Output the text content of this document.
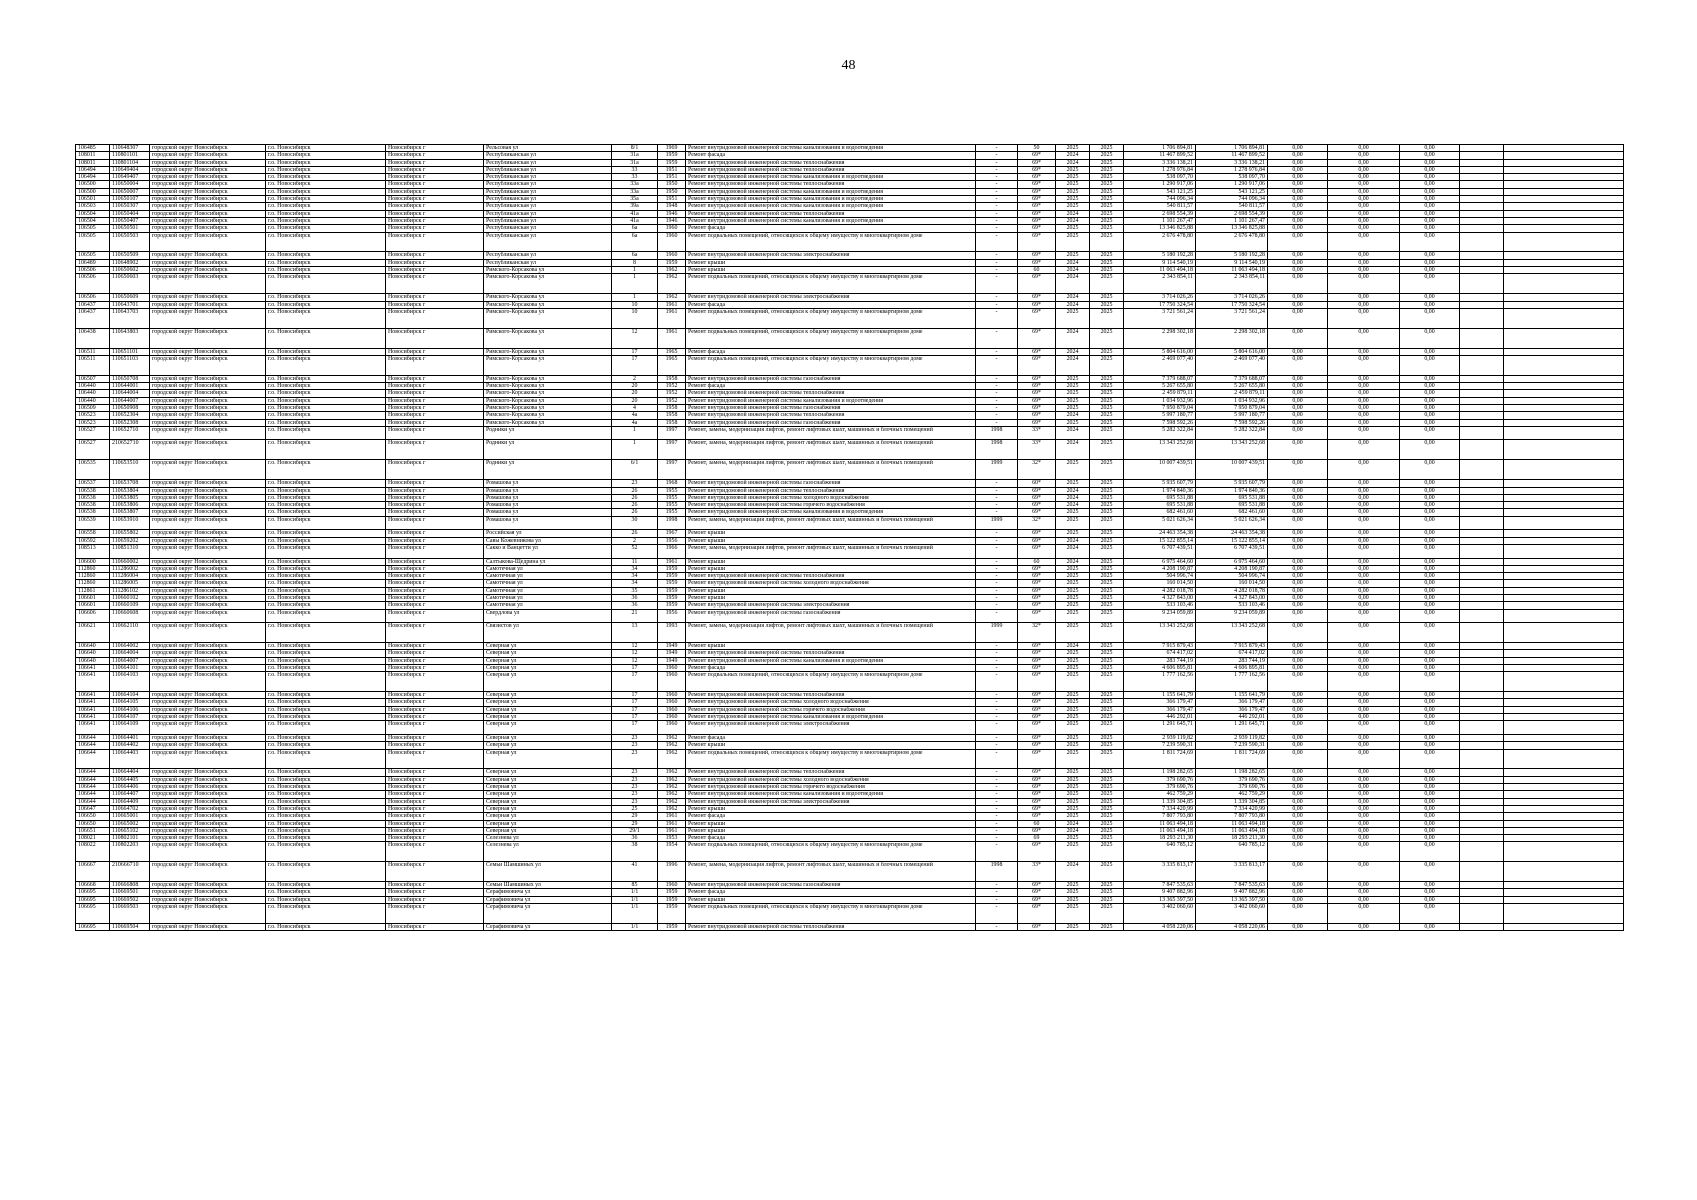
48
106485	110648307	городской округ Новосибирск	г.о. Новосибирск	Новосибирск г	Рельсовая ул	8/1	1969	Ремонт внутридомовой инженерной системы канализования и водоотведения	-	50	2025	2025	1 706 894,81	1 706 894,81	0,00	0,00	0,00		
108011	110801101	городской округ Новосибирск	г.о. Новосибирск	Новосибирск г	Республиканская ул	31а	1959	Ремонт фасада	-	69*	2024	2025	11 467 899,52	11 467 899,52	0,00	0,00	0,00		
108011	110801104	городской округ Новосибирск	г.о. Новосибирск	Новосибирск г	Республиканская ул	31а	1959	Ремонт внутридомовой инженерной системы теплоснабжения	-	69*	2024	2025	3 336 138,21	3 336 138,21	0,00	0,00	0,00		
106494	110649404	городской округ Новосибирск	г.о. Новосибирск	Новосибирск г	Республиканская ул	33	1951	Ремонт внутридомовой инженерной системы теплоснабжения	-	69*	2025	2025	1 278 976,84	1 278 976,84	0,00	0,00	0,00		
106494	110649407	городской округ Новосибирск	г.о. Новосибирск	Новосибирск г	Республиканская ул	33	1951	Ремонт внутридомовой инженерной системы канализования и водоотведения	-	69*	2025	2025	538 097,70	538 097,70	0,00	0,00	0,00		
106500	110650004	городской округ Новосибирск	г.о. Новосибирск	Новосибирск г	Республиканская ул	33а	1950	Ремонт внутридомовой инженерной системы теплоснабжения	-	69*	2025	2025	1 290 917,06	1 290 917,06	0,00	0,00	0,00		
106500	110650007	городской округ Новосибирск	г.о. Новосибирск	Новосибирск г	Республиканская ул	33а	1950	Ремонт внутридомовой инженерной системы канализования и водоотведения	-	69*	2025	2025	543 121,25	543 121,25	0,00	0,00	0,00		
106501	110650107	городской округ Новосибирск	г.о. Новосибирск	Новосибирск г	Республиканская ул	35а	1951	Ремонт внутридомовой инженерной системы канализования и водоотведения	-	69*	2025	2025	744 096,34	744 096,34	0,00	0,00	0,00		
106503	110650307	городской округ Новосибирск	г.о. Новосибирск	Новосибирск г	Республиканская ул	39а	1948	Ремонт внутридомовой инженерной системы канализования и водоотведения	-	69*	2025	2025	540 811,57	540 811,57	0,00	0,00	0,00		
106504	110650404	городской округ Новосибирск	г.о. Новосибирск	Новосибирск г	Республиканская ул	41а	1946	Ремонт внутридомовой инженерной системы теплоснабжения	-	69*	2024	2025	2 698 554,39	2 698 554,39	0,00	0,00	0,00		
106504	110650407	городской округ Новосибирск	г.о. Новосибирск	Новосибирск г	Республиканская ул	41а	1946	Ремонт внутридомовой инженерной системы канализования и водоотведения	-	69*	2024	2025	1 101 267,47	1 101 267,47	0,00	0,00	0,00		
106505	110650501	городской округ Новосибирск	г.о. Новосибирск	Новосибирск г	Республиканская ул	6а	1960	Ремонт фасада	-	69*	2025	2025	13 346 825,88	13 346 825,88	0,00	0,00	0,00		
106505	110650503	городской округ Новосибирск	г.о. Новосибирск	Новосибирск г	Республиканская ул	6а	1960	Ремонт подвальных помещений, относящихся к общему имуществу в многоквартирном доме	-	69*	2025	2025	2 676 478,80	2 676 478,80	0,00	0,00	0,00		
106505	110650509	городской округ Новосибирск	г.о. Новосибирск	Новосибирск г	Республиканская ул	6а	1960	Ремонт внутридомовой инженерной системы электроснабжения	-	69*	2025	2025	5 180 192,28	5 180 192,28	0,00	0,00	0,00		
106489	110648902	городской округ Новосибирск	г.о. Новосибирск	Новосибирск г	Республиканская ул	8	1959	Ремонт крыши	-	69*	2024	2025	9 114 540,19	9 114 540,19	0,00	0,00	0,00		
106506	110650602	городской округ Новосибирск	г.о. Новосибирск	Новосибирск г	Римского-Корсакова ул	1	1962	Ремонт крыши	-	60	2024	2025	11 063 494,18	11 063 494,18	0,00	0,00	0,00		
106506	110650603	городской округ Новосибирск	г.о. Новосибирск	Новосибирск г	Римского-Корсакова ул	1	1962	Ремонт подвальных помещений, относящихся к общему имуществу в многоквартирном доме	-	69*	2024	2025	2 343 854,11	2 343 854,11	0,00	0,00	0,00		
106506	110650609	городской округ Новосибирск	г.о. Новосибирск	Новосибирск г	Римского-Корсакова ул	1	1962	Ремонт внутридомовой инженерной системы электроснабжения	-	69*	2024	2025	3 714 026,26	3 714 026,26	0,00	0,00	0,00		
106437	110643701	городской округ Новосибирск	г.о. Новосибирск	Новосибирск г	Римского-Корсакова ул	10	1961	Ремонт фасада	-	69*	2024	2025	17 750 324,54	17 750 324,54	0,00	0,00	0,00		
106437	110643703	городской округ Новосибирск	г.о. Новосибирск	Новосибирск г	Римского-Корсакова ул	10	1961	Ремонт подвальных помещений, относящихся к общему имуществу в многоквартирном доме	-	69*	2025	2025	3 721 561,24	3 721 561,24	0,00	0,00	0,00		
106438	110643803	городской округ Новосибирск	г.о. Новосибирск	Новосибирск г	Римского-Корсакова ул	12	1961	Ремонт подвальных помещений, относящихся к общему имуществу в многоквартирном доме	-	69*	2024	2025	2 298 302,18	2 298 302,18	0,00	0,00	0,00		
106511	110651101	городской округ Новосибирск	г.о. Новосибирск	Новосибирск г	Римского-Корсакова ул	17	1965	Ремонт фасада	-	69*	2024	2025	5 804 616,00	5 804 616,00	0,00	0,00	0,00		
106511	110651103	городской округ Новосибирск	г.о. Новосибирск	Новосибирск г	Римского-Корсакова ул	17	1965	Ремонт подвальных помещений, относящихся к общему имуществу в многоквартирном доме	-	69*	2024	2025	2 469 077,40	2 469 077,40	0,00	0,00	0,00		
106507	110650708	городской округ Новосибирск	г.о. Новосибирск	Новосибирск г	Римского-Корсакова ул	2	1958	Ремонт внутридомовой инженерной системы газоснабжения	-	69*	2025	2025	7 379 688,07	7 379 688,07	0,00	0,00	0,00		
106440	110644001	городской округ Новосибирск	г.о. Новосибирск	Новосибирск г	Римского-Корсакова ул	20	1952	Ремонт фасада	-	69*	2025	2025	5 267 655,80	5 267 655,80	0,00	0,00	0,00		
106440	110644004	городской округ Новосибирск	г.о. Новосибирск	Новосибирск г	Римского-Корсакова ул	20	1952	Ремонт внутридомовой инженерной системы теплоснабжения	-	69*	2025	2025	2 459 879,11	2 459 879,11	0,00	0,00	0,00		
106440	110644007	городской округ Новосибирск	г.о. Новосибирск	Новосибирск г	Римского-Корсакова ул	20	1952	Ремонт внутридомовой инженерной системы канализования и водоотведения	-	69*	2025	2025	1 034 932,96	1 034 932,96	0,00	0,00	0,00		
106509	110650908	городской округ Новосибирск	г.о. Новосибирск	Новосибирск г	Римского-Корсакова ул	4	1958	Ремонт внутридомовой инженерной системы газоснабжения	-	69*	2025	2025	7 950 879,04	7 950 879,04	0,00	0,00	0,00		
106523	110652304	городской округ Новосибирск	г.о. Новосибирск	Новосибирск г	Римского-Корсакова ул	4а	1958	Ремонт внутридомовой инженерной системы теплоснабжения	-	69*	2024	2025	5 997 180,77	5 997 180,77	0,00	0,00	0,00		
106523	110652308	городской округ Новосибирск	г.о. Новосибирск	Новосибирск г	Римского-Корсакова ул	4а	1958	Ремонт внутридомовой инженерной системы газоснабжения	-	69*	2025	2025	7 598 592,26	7 598 592,26	0,00	0,00	0,00		
106527	110652710	городской округ Новосибирск	г.о. Новосибирск	Новосибирск г	Родники ул	1	1997	Ремонт, замена, модернизация лифтов, ремонт лифтовых шахт, машинных и блочных помещений	1998	33*	2024	2025	5 282 322,84	5 282 322,84	0,00	0,00	0,00		
106527	210652710	городской округ Новосибирск	г.о. Новосибирск	Новосибирск г	Родники ул	1	1997	Ремонт, замена, модернизация лифтов, ремонт лифтовых шахт, машинных и блочных помещений	1998	33*	2024	2025	13 343 252,68	13 343 252,68	0,00	0,00	0,00		
106535	110653510	городской округ Новосибирск	г.о. Новосибирск	Новосибирск г	Родники ул	6/1	1997	Ремонт, замена, модернизация лифтов, ремонт лифтовых шахт, машинных и блочных помещений	1999	32*	2025	2025	10 007 439,51	10 007 439,51	0,00	0,00	0,00		
106537	110653708	городской округ Новосибирск	г.о. Новосибирск	Новосибирск г	Ромашова ул	23	1968	Ремонт внутридомовой инженерной системы газоснабжения	-	60*	2025	2025	5 935 607,79	5 935 607,79	0,00	0,00	0,00		
106538	110653804	городской округ Новосибирск	г.о. Новосибирск	Новосибирск г	Ромашова ул	26	1955	Ремонт внутридомовой инженерной системы теплоснабжения	-	69*	2024	2025	1 974 840,36	1 974 840,36	0,00	0,00	0,00		
106538	110653805	городской округ Новосибирск	г.о. Новосибирск	Новосибирск г	Ромашова ул	26	1955	Ремонт внутридомовой инженерной системы холодного водоснабжения	-	69*	2024	2025	695 531,88	695 531,88	0,00	0,00	0,00		
106538	110653806	городской округ Новосибирск	г.о. Новосибирск	Новосибирск г	Ромашова ул	26	1955	Ремонт внутридомовой инженерной системы горячего водоснабжения	-	69*	2024	2025	695 531,88	695 531,88	0,00	0,00	0,00		
106538	110653807	городской округ Новосибирск	г.о. Новосибирск	Новосибирск г	Ромашова ул	26	1955	Ремонт внутридомовой инженерной системы канализования и водоотведения	-	69*	2025	2025	682 461,60	682 461,60	0,00	0,00	0,00		
106539	110653910	городской округ Новосибирск	г.о. Новосибирск	Новосибирск г	Ромашова ул	30	1998	Ремонт, замена, модернизация лифтов, ремонт лифтовых шахт, машинных и блочных помещений	1999	32*	2025	2025	5 021 626,34	5 021 626,34	0,00	0,00	0,00		
106558	110655802	городской округ Новосибирск	г.о. Новосибирск	Новосибирск г	Российская ул	26	1967	Ремонт крыши	-	69*	2025	2025	24 463 354,38	24 463 354,38	0,00	0,00	0,00		
106592	110659202	городской округ Новосибирск	г.о. Новосибирск	Новосибирск г	Савы Кожевникова ул	2	1956	Ремонт крыши	-	69*	2024	2025	15 122 855,14	15 122 855,14	0,00	0,00	0,00		
108513	110851310	городской округ Новосибирск	г.о. Новосибирск	Новосибирск г	Сакко и Ванцетти ул	52	1966	Ремонт, замена, модернизация лифтов, ремонт лифтовых шахт, машинных и блочных помещений	-	69*	2024	2025	6 707 439,51	6 707 439,51	0,00	0,00	0,00		
106600	110660002	городской округ Новосибирск	г.о. Новосибирск	Новосибирск г	Салтыкова-Щедрина ул	11	1961	Ремонт крыши	-	60	2024	2025	6 975 464,60	6 975 464,60	0,00	0,00	0,00		
112860	111286002	городской округ Новосибирск	г.о. Новосибирск	Новосибирск г	Самотечная ул	34	1959	Ремонт крыши	-	69*	2025	2025	4 208 190,87	4 208 190,87	0,00	0,00	0,00		
112860	111286004	городской округ Новосибирск	г.о. Новосибирск	Новосибирск г	Самотечная ул	34	1959	Ремонт внутридомовой инженерной системы теплоснабжения	-	69*	2025	2025	504 996,74	504 996,74	0,00	0,00	0,00		
112860	111286005	городской округ Новосибирск	г.о. Новосибирск	Новосибирск г	Самотечная ул	34	1959	Ремонт внутридомовой инженерной системы холодного водоснабжения	-	69*	2025	2025	160 014,50	160 014,50	0,00	0,00	0,00		
112861	111286102	городской округ Новосибирск	г.о. Новосибирск	Новосибирск г	Самотечная ул	35	1959	Ремонт крыши	-	69*	2025	2025	4 282 018,78	4 282 018,78	0,00	0,00	0,00		
106601	110660102	городской округ Новосибирск	г.о. Новосибирск	Новосибирск г	Самотечная ул	36	1959	Ремонт крыши	-	69*	2025	2025	4 327 843,00	4 327 843,00	0,00	0,00	0,00		
106601	110660109	городской округ Новосибирск	г.о. Новосибирск	Новосибирск г	Самотечная ул	36	1959	Ремонт внутридомовой инженерной системы электроснабжения	-	69*	2025	2025	533 103,46	533 103,46	0,00	0,00	0,00		
106606	110660608	городской округ Новосибирск	г.о. Новосибирск	Новосибирск г	Свердлова ул	21	1956	Ремонт внутридомовой инженерной системы газоснабжения	-	69*	2025	2025	9 234 059,89	9 234 059,89	0,00	0,00	0,00		
106621	110662110	городской округ Новосибирск	г.о. Новосибирск	Новосибирск г	Связистов ул	13	1993	Ремонт, замена, модернизация лифтов, ремонт лифтовых шахт, машинных и блочных помещений	1999	32*	2025	2025	13 343 252,68	13 343 252,68	0,00	0,00	0,00		
106640	110664002	городской округ Новосибирск	г.о. Новосибирск	Новосибирск г	Северная ул	12	1949	Ремонт крыши	-	69*	2024	2025	7 915 879,43	7 915 879,43	0,00	0,00	0,00		
106640	110664004	городской округ Новосибирск	г.о. Новосибирск	Новосибирск г	Северная ул	12	1949	Ремонт внутридомовой инженерной системы теплоснабжения	-	69*	2025	2025	674 417,02	674 417,02	0,00	0,00	0,00		
106640	110664007	городской округ Новосибирск	г.о. Новосибирск	Новосибирск г	Северная ул	12	1949	Ремонт внутридомовой инженерной системы канализования и водоотведения	-	69*	2025	2025	283 744,19	283 744,19	0,00	0,00	0,00		
106641	110664101	городской округ Новосибирск	г.о. Новосибирск	Новосибирск г	Северная ул	17	1960	Ремонт фасада	-	69*	2025	2025	4 606 895,81	4 606 895,81	0,00	0,00	0,00		
106641	110664103	городской округ Новосибирск	г.о. Новосибирск	Новосибирск г	Северная ул	17	1960	Ремонт подвальных помещений, относящихся к общему имуществу в многоквартирном доме	-	69*	2025	2025	1 777 162,56	1 777 162,56	0,00	0,00	0,00		
106641	110664104	городской округ Новосибирск	г.о. Новосибирск	Новосибирск г	Северная ул	17	1960	Ремонт внутридомовой инженерной системы теплоснабжения	-	69*	2025	2025	1 155 641,79	1 155 641,79	0,00	0,00	0,00		
106641	110664105	городской округ Новосибирск	г.о. Новосибирск	Новосибирск г	Северная ул	17	1960	Ремонт внутридомовой инженерной системы холодного водоснабжения	-	69*	2025	2025	366 179,47	366 179,47	0,00	0,00	0,00		
106641	110664106	городской округ Новосибирск	г.о. Новосибирск	Новосибирск г	Северная ул	17	1960	Ремонт внутридомовой инженерной системы горячего водоснабжения	-	69*	2025	2025	366 179,47	366 179,47	0,00	0,00	0,00		
106641	110664107	городской округ Новосибирск	г.о. Новосибирск	Новосибирск г	Северная ул	17	1960	Ремонт внутридомовой инженерной системы канализования и водоотведения	-	69*	2025	2025	446 292,01	446 292,01	0,00	0,00	0,00		
106641	110664109	городской округ Новосибирск	г.о. Новосибирск	Новосибирск г	Северная ул	17	1960	Ремонт внутридомовой инженерной системы электроснабжения	-	69*	2025	2025	1 291 645,71	1 291 645,71	0,00	0,00	0,00		
106644	110664401	городской округ Новосибирск	г.о. Новосибирск	Новосибирск г	Северная ул	23	1962	Ремонт фасада	-	69*	2025	2025	2 939 119,82	2 939 119,82	0,00	0,00	0,00		
106644	110664402	городской округ Новосибирск	г.о. Новосибирск	Новосибирск г	Северная ул	23	1962	Ремонт крыши	-	69*	2025	2025	7 239 590,31	7 239 590,31	0,00	0,00	0,00		
106644	110664403	городской округ Новосибирск	г.о. Новосибирск	Новосибирск г	Северная ул	23	1962	Ремонт подвальных помещений, относящихся к общему имуществу в многоквартирном доме	-	69*	2025	2025	1 811 724,69	1 811 724,69	0,00	0,00	0,00		
106644	110664404	городской округ Новосибирск	г.о. Новосибирск	Новосибирск г	Северная ул	23	1962	Ремонт внутридомовой инженерной системы теплоснабжения	-	69*	2025	2025	1 198 282,65	1 198 282,65	0,00	0,00	0,00		
106644	110664405	городской округ Новосибирск	г.о. Новосибирск	Новосибирск г	Северная ул	23	1962	Ремонт внутридомовой инженерной системы холодного водоснабжения	-	69*	2025	2025	379 690,76	379 690,76	0,00	0,00	0,00		
106644	110664406	городской округ Новосибирск	г.о. Новосибирск	Новосибирск г	Северная ул	23	1962	Ремонт внутридомовой инженерной системы горячего водоснабжения	-	69*	2025	2025	379 690,76	379 690,76	0,00	0,00	0,00		
106644	110664407	городской округ Новосибирск	г.о. Новосибирск	Новосибирск г	Северная ул	23	1962	Ремонт внутридомовой инженерной системы канализования и водоотведения	-	69*	2025	2025	462 759,29	462 759,29	0,00	0,00	0,00		
106644	110664409	городской округ Новосибирск	г.о. Новосибирск	Новосибирск г	Северная ул	23	1962	Ремонт внутридомовой инженерной системы электроснабжения	-	69*	2025	2025	1 339 304,85	1 339 304,85	0,00	0,00	0,00		
106647	110664702	городской округ Новосибирск	г.о. Новосибирск	Новосибирск г	Северная ул	25	1962	Ремонт крыши	-	69*	2025	2025	7 334 420,99	7 334 420,99	0,00	0,00	0,00		
106650	110665001	городской округ Новосибирск	г.о. Новосибирск	Новосибирск г	Северная ул	29	1961	Ремонт фасада	-	69*	2025	2025	7 807 793,80	7 807 793,80	0,00	0,00	0,00		
106650	110665002	городской округ Новосибирск	г.о. Новосибирск	Новосибирск г	Северная ул	29	1961	Ремонт крыши	-	60	2024	2025	11 063 494,18	11 063 494,18	0,00	0,00	0,00		
106651	110665102	городской округ Новосибирск	г.о. Новосибирск	Новосибирск г	Северная ул	29/1	1961	Ремонт крыши	-	69*	2024	2025	11 063 494,18	11 063 494,18	0,00	0,00	0,00		
108021	110802101	городской округ Новосибирск	г.о. Новосибирск	Новосибирск г	Селезнева ул	36	1953	Ремонт фасада	-	69	2025	2025	18 293 211,30	18 293 211,30	0,00	0,00	0,00		
108022	110802203	городской округ Новосибирск	г.о. Новосибирск	Новосибирск г	Селезнева ул	38	1954	Ремонт подвальных помещений, относящихся к общему имуществу в многоквартирном доме	-	69*	2025	2025	640 785,12	640 785,12	0,00	0,00	0,00		
106667	210666710	городской округ Новосибирск	г.о. Новосибирск	Новосибирск г	Семьи Шамшиных ул	41	1996	Ремонт, замена, модернизация лифтов, ремонт лифтовых шахт, машинных и блочных помещений	1998	33*	2024	2025	3 335 813,17	3 335 813,17	0,00	0,00	0,00		
106668	110666808	городской округ Новосибирск	г.о. Новосибирск	Новосибирск г	Семьи Шамшиных ул	85	1960	Ремонт внутридомовой инженерной системы газоснабжения	-	69*	2025	2025	7 847 535,63	7 847 535,63	0,00	0,00	0,00		
106695	110669501	городской округ Новосибирск	г.о. Новосибирск	Новосибирск г	Серафимовича ул	1/1	1959	Ремонт фасада	-	69*	2025	2025	9 407 882,96	9 407 882,96	0,00	0,00	0,00		
106695	110669502	городской округ Новосибирск	г.о. Новосибирск	Новосибирск г	Серафимовича ул	1/1	1959	Ремонт крыши	-	69*	2025	2025	13 365 397,50	13 365 397,50	0,00	0,00	0,00		
106695	110669503	городской округ Новосибирск	г.о. Новосибирск	Новосибирск г	Серафимовича ул	1/1	1959	Ремонт подвальных помещений, относящихся к общему имуществу в многоквартирном доме	-	69*	2025	2025	3 402 060,60	3 402 060,60	0,00	0,00	0,00		
106695	110669504	городской округ Новосибирск	г.о. Новосибирск	Новосибирск г	Серафимовича ул	1/1	1959	Ремонт внутридомовой инженерной системы теплоснабжения	-	69*	2025	2025	4 058 220,06	4 058 220,06	0,00	0,00	0,00		
